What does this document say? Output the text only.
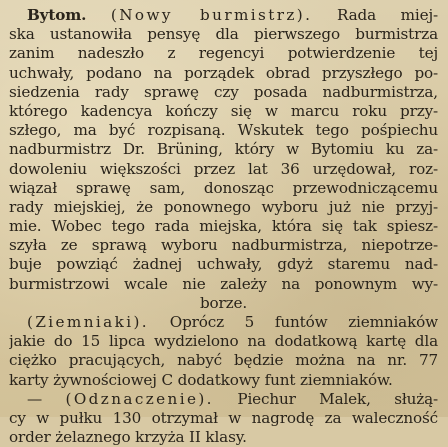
Bytom. (Nowy burmistrz). Rada miej-
ska ustanowiła pensyę dla pierwszego burmistrza
zanim nadeszło z regencyi potwierdzenie tej
uchwały, podano na porządek obrad przyszłego po-
siedzenia rady sprawę czy posada nadburmistrza,
którego kadencya kończy się w marcu roku przy-
szłego, ma być rozpisaną. Wskutek tego pośpiechu
nadburmistrz Dr. Brüning, który w Bytomiu ku za-
dowoleniu większości przez lat 36 urzędował, roz-
wiązał sprawę sam, donosząc przewodniczącemu
rady miejskiej, że ponownego wyboru już nie przyj-
mie. Wobec tego rada miejska, która się tak spiesz-
szyła ze sprawą wyboru nadburmistrza, niepotrze-
buje powziąć żadnej uchwały, gdyż staremu nad-
burmistrzowi wcale nie zależy na ponownym wy-
borze.
(Ziemniaki). Oprócz 5 funtów ziemniaków
jakie do 15 lipca wydzielono na dodatkową kartę dla
ciężko pracujących, nabyć będzie można na nr. 77
karty żywnościowej C dodatkowy funt ziemniaków.
— (Odznaczenie). Piechur Malek, służą-
cy w pułku 130 otrzymał w nagrodę za waleczność
order żelaznego krzyża II klasy.
